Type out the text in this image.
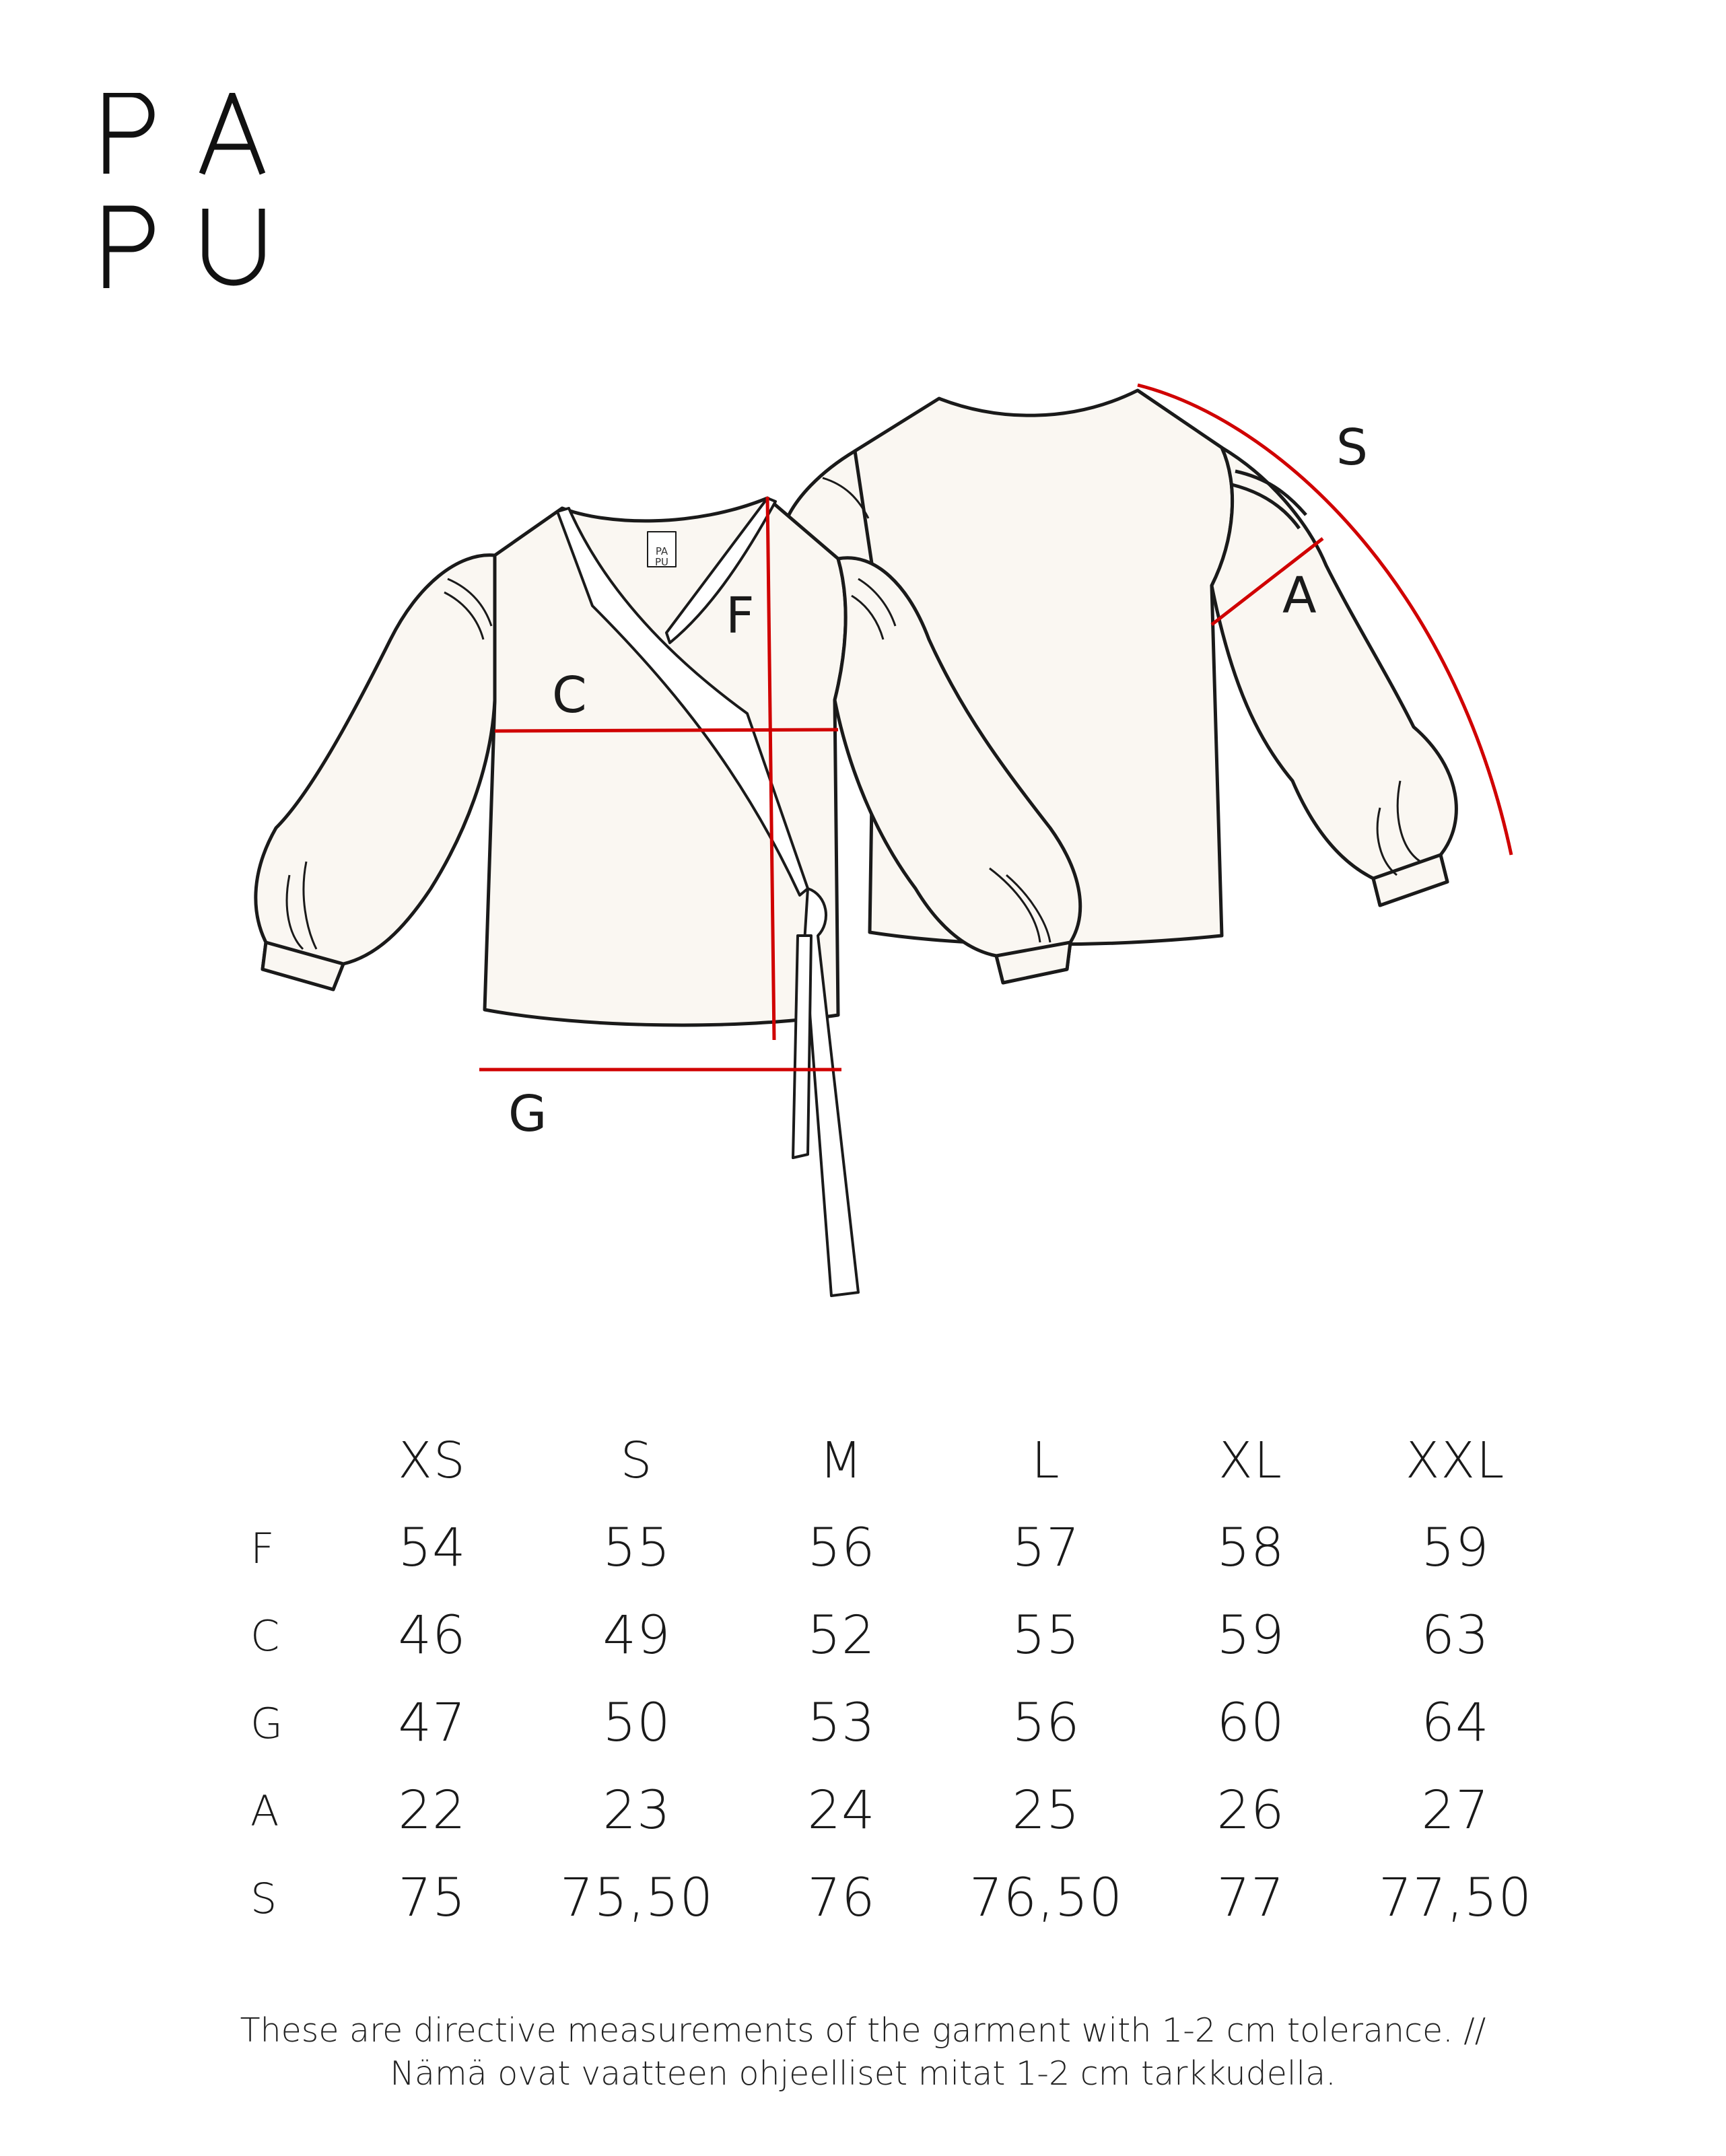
PA
PU
C
F
G
A
S
	XS	S	M	L	XL	XXL
F	54	55	56	57	58	59
C	46	49	52	55	59	63
G	47	50	53	56	60	64
A	22	23	24	25	26	27
S	75	75,50	76	76,50	77	77,50
These are directive measurements of the garment with 1-2 cm tolerance. //
Nämä ovat vaatteen ohjeelliset mitat 1-2 cm tarkkudella.
